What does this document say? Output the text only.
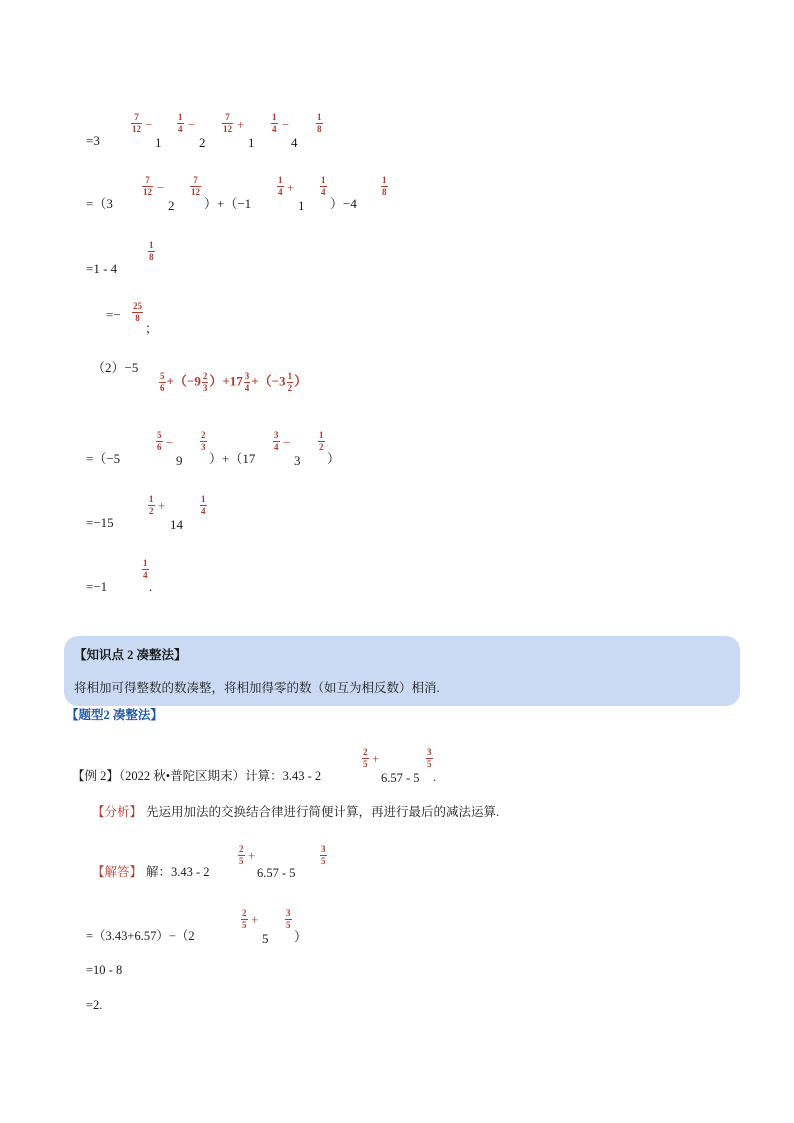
=3
7
12 −
1
1
4 −
2
7
12 +
1
1
4 −
4
1
8
=（3
7
12 −
2
7
12
）+（−1
1
4 +
1
1
4
）−4
1
8
=1 - 4
1
8
=−
25
8
；
（2）−5
$\frac{5}{6} +(-9 \frac{2}{3} )+17 \frac{3}{4} +(-3 \frac{1}{2}$ ）
=（−5
5
6 −
9
2
3
）+（17
3
4 −
3
1
2
）
=−15
1
2 +
14
1
4
=−1
1
4
.
【知识点 2 凑整法】
将相加可得整数的数凑整，将相加得零的数（如互为相反数）相消.
【题型2 凑整法】
【例 2】（2022 秋•普陀区期末）计算：3.43 - 2
2
5 +
6.57 - 5
3
5
.
【分析】 先运用加法的交换结合律进行简便计算，再进行最后的减法运算.
【解答】 解：3.43 - 2
2
5 +
6.57 - 5
3
5
=（3.43+6.57）−（2
2
5 +
5
3
5
）
=10 - 8
=2.
